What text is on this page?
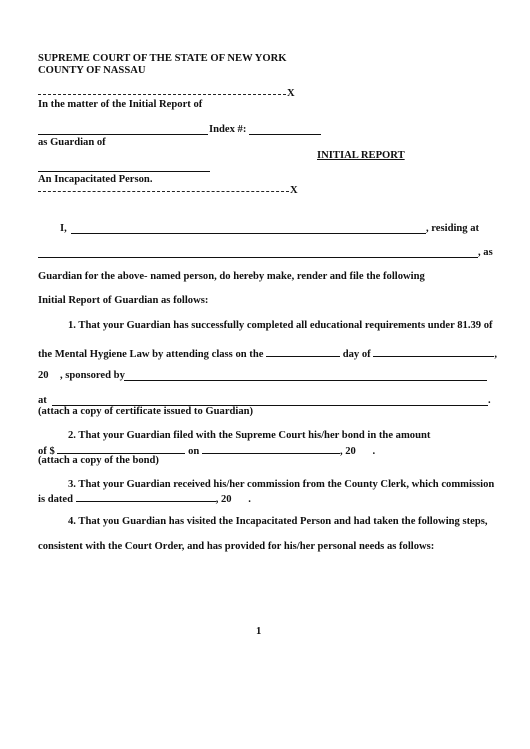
SUPREME COURT OF THE STATE OF NEW YORK
COUNTY OF NASSAU
X
In the matter of the Initial Report of
Index #:
as Guardian of
INITIAL REPORT
An Incapacitated Person.
X
I,	, residing at
, as
Guardian for the above- named person, do hereby make, render and file the following
Initial Report of Guardian as follows:
1. That your Guardian has successfully completed all educational requirements under 81.39 of
the Mental Hygiene Law by attending class on the	day of	,
20 , sponsored by
at	.
(attach a copy of certificate issued to Guardian)
2. That your Guardian filed with the Supreme Court his/her bond in the amount
of $	on	, 20 .
(attach a copy of the bond)
3. That your Guardian received his/her commission from the County Clerk, which commission
is dated	, 20 .
4. That you Guardian has visited the Incapacitated Person and had taken the following steps,
consistent with the Court Order, and has provided for his/her personal needs as follows:
1
